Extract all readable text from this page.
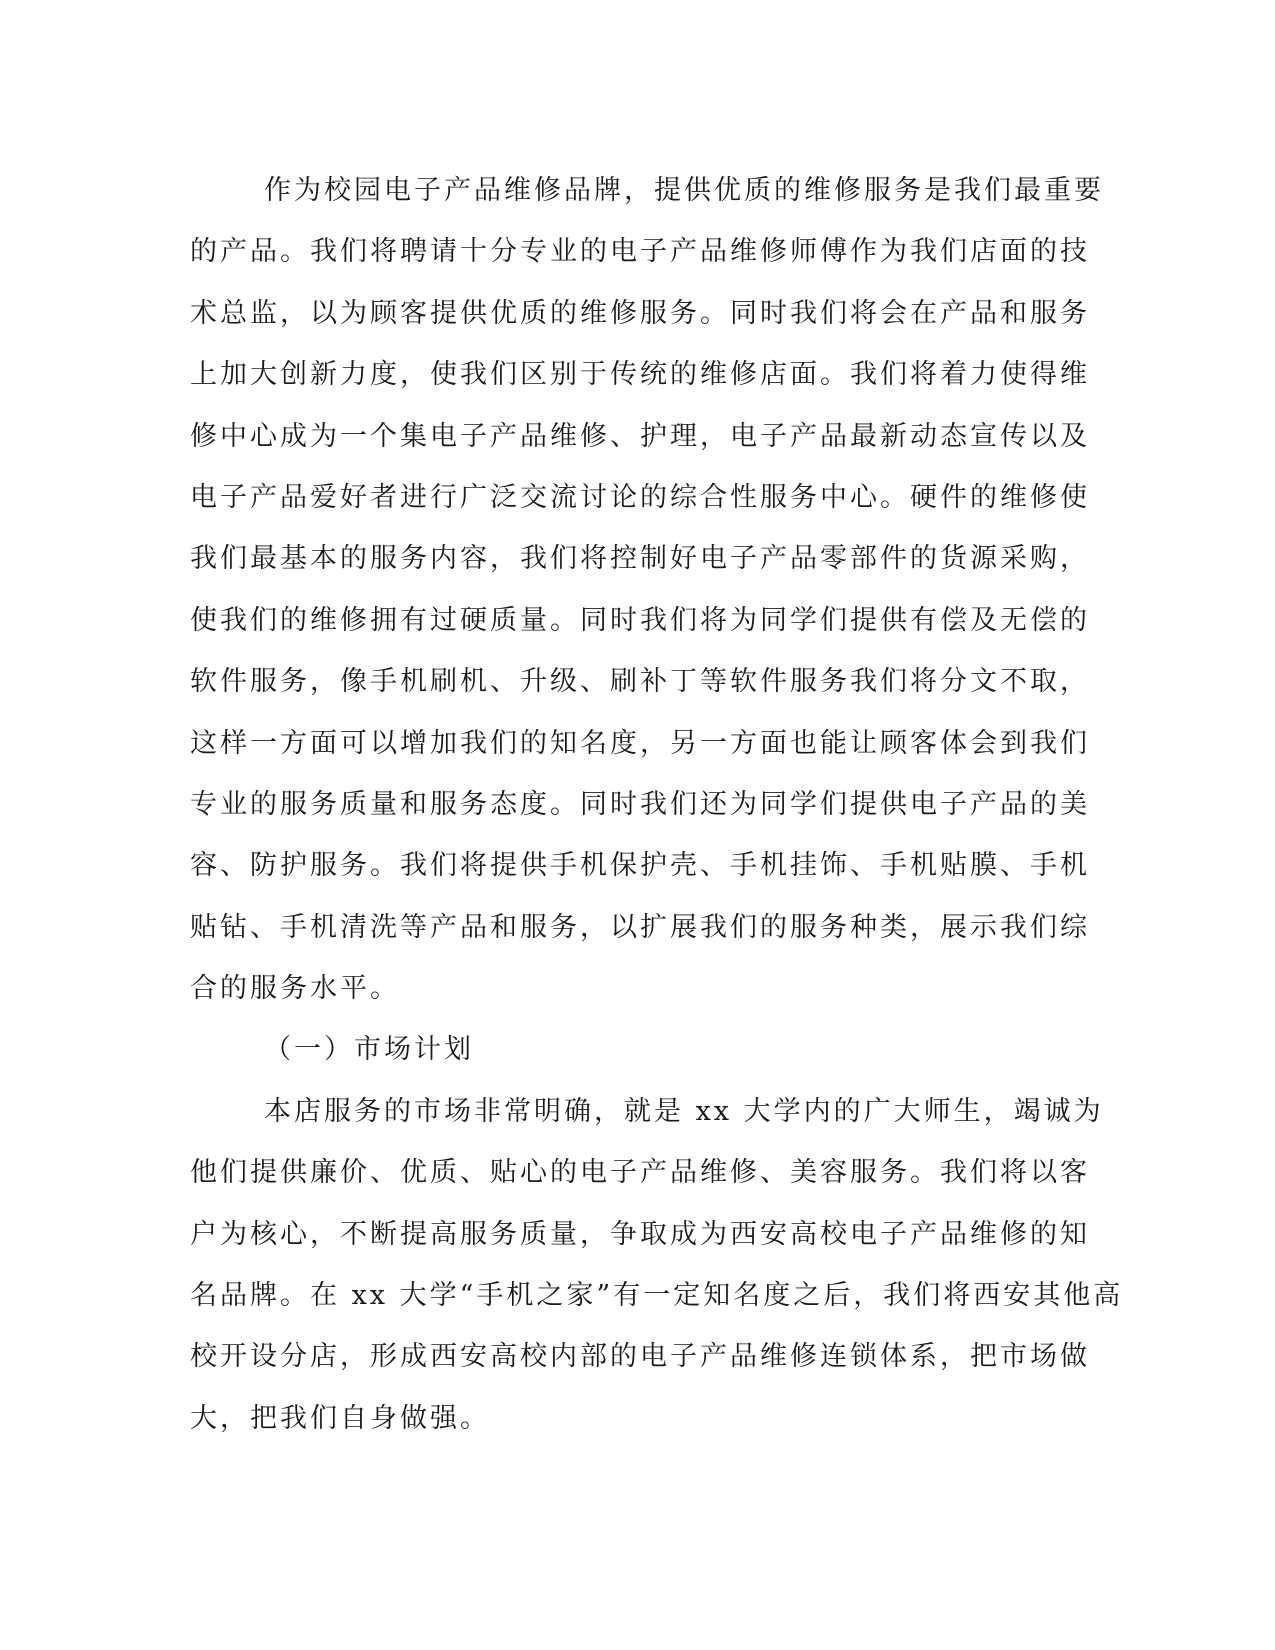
作为校园电子产品维修品牌，提供优质的维修服务是我们最重要
的产品。我们将聘请十分专业的电子产品维修师傅作为我们店面的技
术总监，以为顾客提供优质的维修服务。同时我们将会在产品和服务
上加大创新力度，使我们区别于传统的维修店面。我们将着力使得维
修中心成为一个集电子产品维修、护理，电子产品最新动态宣传以及
电子产品爱好者进行广泛交流讨论的综合性服务中心。硬件的维修使
我们最基本的服务内容，我们将控制好电子产品零部件的货源采购，
使我们的维修拥有过硬质量。同时我们将为同学们提供有偿及无偿的
软件服务，像手机刷机、升级、刷补丁等软件服务我们将分文不取，
这样一方面可以增加我们的知名度，另一方面也能让顾客体会到我们
专业的服务质量和服务态度。同时我们还为同学们提供电子产品的美
容、防护服务。我们将提供手机保护壳、手机挂饰、手机贴膜、手机
贴钻、手机清洗等产品和服务，以扩展我们的服务种类，展示我们综
合的服务水平。
（一）市场计划
本店服务的市场非常明确，就是 xx 大学内的广大师生，竭诚为
他们提供廉价、优质、贴心的电子产品维修、美容服务。我们将以客
户为核心，不断提高服务质量，争取成为西安高校电子产品维修的知
名品牌。在 xx 大学“手机之家”有一定知名度之后，我们将西安其他高
校开设分店，形成西安高校内部的电子产品维修连锁体系，把市场做
大，把我们自身做强。
